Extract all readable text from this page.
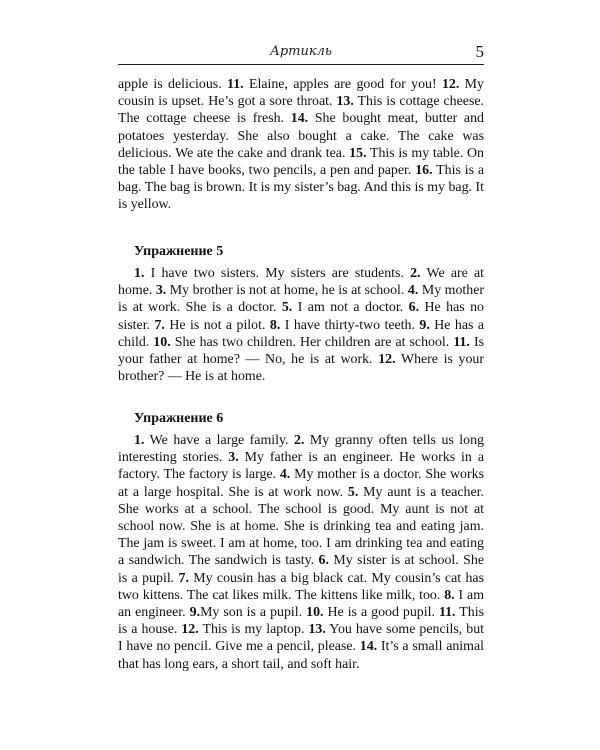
Артикль	5

apple is delicious. 11. Elaine, apples are good for you! 12. My cousin is upset. He’s got a sore throat. 13. This is cottage cheese. The cottage cheese is fresh. 14. She bought meat, butter and potatoes yesterday. She also bought a cake. The cake was delicious. We ate the cake and drank tea. 15. This is my table. On the table I have books, two pencils, a pen and paper. 16. This is a bag. The bag is brown. It is my sister’s bag. And this is my bag. It is yellow.

Упражнение 5

1. I have two sisters. My sisters are students. 2. We are at home. 3. My brother is not at home, he is at school. 4. My mother is at work. She is a doctor. 5. I am not a doctor. 6. He has no sister. 7. He is not a pilot. 8. I have thirty-two teeth. 9. He has a child. 10. She has two children. Her children are at school. 11. Is your father at home? — No, he is at work. 12. Where is your brother? — He is at home.

Упражнение 6

1. We have a large family. 2. My granny often tells us long interesting stories. 3. My father is an engineer. He works in a factory. The factory is large. 4. My mother is a doctor. She works at a large hospital. She is at work now. 5. My aunt is a teacher. She works at a school. The school is good. My aunt is not at school now. She is at home. She is drinking tea and eating jam. The jam is sweet. I am at home, too. I am drinking tea and eating a sandwich. The sandwich is tasty. 6. My sister is at school. She is a pupil. 7. My cousin has a big black cat. My cousin’s cat has two kittens. The cat likes milk. The kittens like milk, too. 8. I am an engineer. 9.My son is a pupil. 10. He is a good pupil. 11. This is a house. 12. This is my laptop. 13. You have some pencils, but I have no pencil. Give me a pencil, please. 14. It’s a small animal that has long ears, a short tail, and soft hair.
